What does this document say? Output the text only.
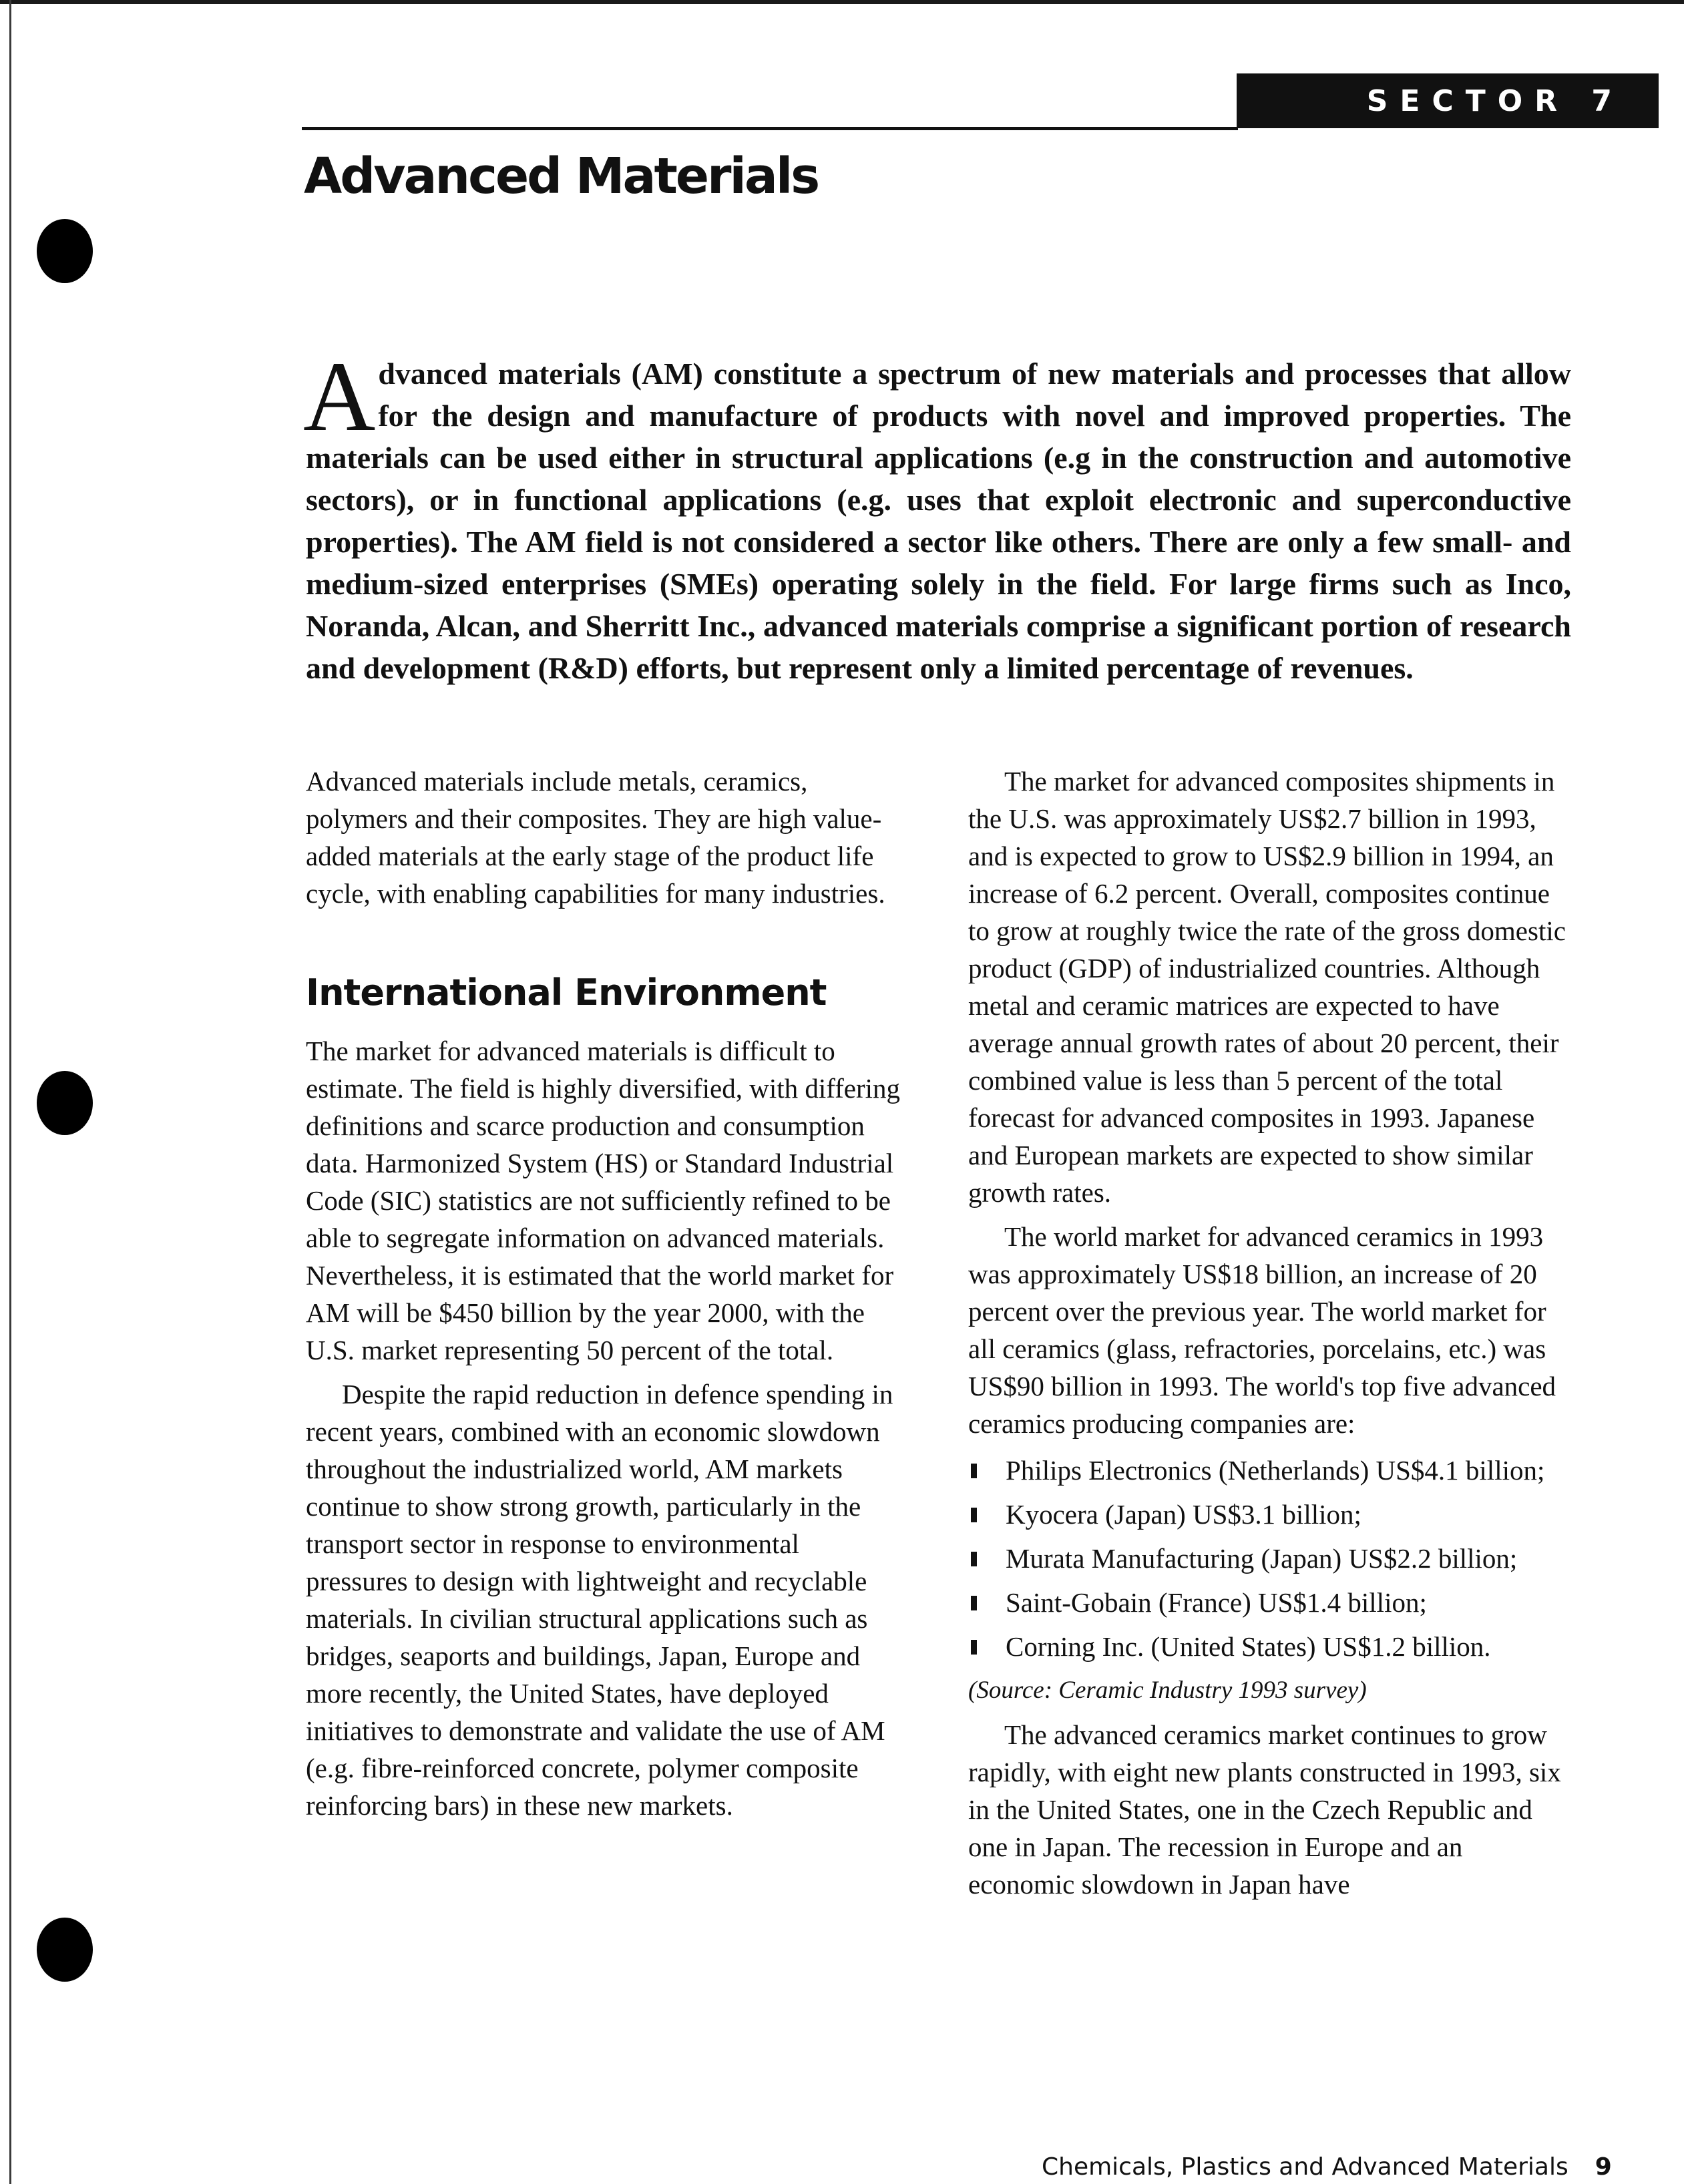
SECTOR 7
Advanced Materials

Advanced materials (AM) constitute a spectrum of new materials and processes that allow for the design and manufacture of products with novel and improved properties. The materials can be used either in structural applications (e.g in the construction and automotive sectors), or in functional applications (e.g. uses that exploit electronic and superconductive properties). The AM field is not considered a sector like others. There are only a few small- and medium-sized enterprises (SMEs) operating solely in the field. For large firms such as Inco, Noranda, Alcan, and Sherritt Inc., advanced materials comprise a significant portion of research and development (R&D) efforts, but represent only a limited percentage of revenues.

Advanced materials include metals, ceramics, polymers and their composites. They are high value-added materials at the early stage of the product life cycle, with enabling capabilities for many industries.

International Environment

The market for advanced materials is difficult to estimate. The field is highly diversified, with differing definitions and scarce production and consumption data. Harmonized System (HS) or Standard Industrial Code (SIC) statistics are not sufficiently refined to be able to segregate information on advanced materials. Nevertheless, it is estimated that the world market for AM will be $450 billion by the year 2000, with the U.S. market representing 50 percent of the total.

Despite the rapid reduction in defence spending in recent years, combined with an economic slowdown throughout the industrialized world, AM markets continue to show strong growth, particularly in the transport sector in response to environmental pressures to design with lightweight and recyclable materials. In civilian structural applications such as bridges, seaports and buildings, Japan, Europe and more recently, the United States, have deployed initiatives to demonstrate and validate the use of AM (e.g. fibre-reinforced concrete, polymer composite reinforcing bars) in these new markets.

The market for advanced composites shipments in the U.S. was approximately US$2.7 billion in 1993, and is expected to grow to US$2.9 billion in 1994, an increase of 6.2 percent. Overall, composites continue to grow at roughly twice the rate of the gross domestic product (GDP) of industrialized countries. Although metal and ceramic matrices are expected to have average annual growth rates of about 20 percent, their combined value is less than 5 percent of the total forecast for advanced composites in 1993. Japanese and European markets are expected to show similar growth rates.

The world market for advanced ceramics in 1993 was approximately US$18 billion, an increase of 20 percent over the previous year. The world market for all ceramics (glass, refractories, porcelains, etc.) was US$90 billion in 1993. The world's top five advanced ceramics producing companies are:

Philips Electronics (Netherlands) US$4.1 billion;
Kyocera (Japan) US$3.1 billion;
Murata Manufacturing (Japan) US$2.2 billion;
Saint-Gobain (France) US$1.4 billion;
Corning Inc. (United States) US$1.2 billion.

(Source: Ceramic Industry 1993 survey)

The advanced ceramics market continues to grow rapidly, with eight new plants constructed in 1993, six in the United States, one in the Czech Republic and one in Japan. The recession in Europe and an economic slowdown in Japan have

Chemicals, Plastics and Advanced Materials 9
